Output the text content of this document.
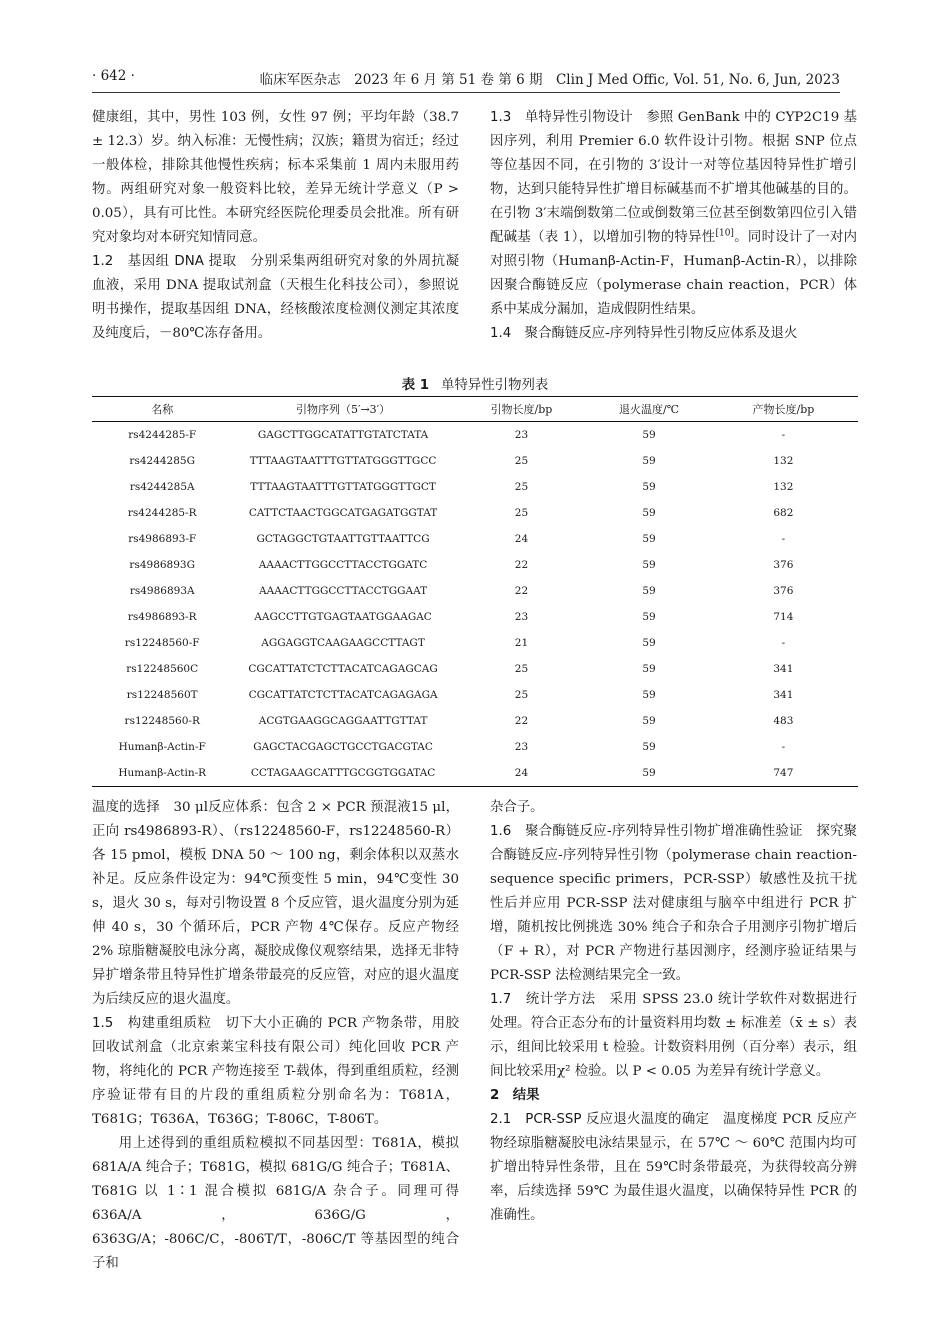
· 642 ·	临床军医杂志　2023 年 6 月 第 51 卷 第 6 期　Clin J Med Offic, Vol. 51, No. 6, Jun, 2023

健康组，其中，男性 103 例，女性 97 例；平均年龄（38.7 ± 12.3）岁。纳入标准：无慢性病；汉族；籍贯为宿迁；经过一般体检，排除其他慢性疾病；标本采集前 1 周内未服用药物。两组研究对象一般资料比较，差异无统计学意义（P > 0.05），具有可比性。本研究经医院伦理委员会批准。所有研究对象均对本研究知情同意。

1.2　基因组 DNA 提取　分别采集两组研究对象的外周抗凝血液，采用 DNA 提取试剂盒（天根生化科技公司），参照说明书操作，提取基因组 DNA，经核酸浓度检测仪测定其浓度及纯度后，－80℃冻存备用。

1.3　单特异性引物设计　参照 GenBank 中的 CYP2C19 基因序列，利用 Premier 6.0 软件设计引物。根据 SNP 位点等位基因不同，在引物的 3′设计一对等位基因特异性扩增引物，达到只能特异性扩增目标碱基而不扩增其他碱基的目的。在引物 3′末端倒数第二位或倒数第三位甚至倒数第四位引入错配碱基（表 1），以增加引物的特异性[10]。同时设计了一对内对照引物（Humanβ-Actin-F，Humanβ-Actin-R），以排除因聚合酶链反应（polymerase chain reaction，PCR）体系中某成分漏加，造成假阴性结果。

1.4　聚合酶链反应-序列特异性引物反应体系及退火

表 1 单特异性引物列表
名称	引物序列（5′→3′）	引物长度/bp	退火温度/℃	产物长度/bp
rs4244285-F	GAGCTTGGCATATTGTATCTATA	23	59	-
rs4244285G	TTTAAGTAATTTGTTATGGGTTGCC	25	59	132
rs4244285A	TTTAAGTAATTTGTTATGGGTTGCT	25	59	132
rs4244285-R	CATTCTAACTGGCATGAGATGGTAT	25	59	682
rs4986893-F	GCTAGGCTGTAATTGTTAATTCG	24	59	-
rs4986893G	AAAACTTGGCCTTACCTGGATC	22	59	376
rs4986893A	AAAACTTGGCCTTACCTGGAAT	22	59	376
rs4986893-R	AAGCCTTGTGAGTAATGGAAGAC	23	59	714
rs12248560-F	AGGAGGTCAAGAAGCCTTAGT	21	59	-
rs12248560C	CGCATTATCTCTTACATCAGAGCAG	25	59	341
rs12248560T	CGCATTATCTCTTACATCAGAGAGA	25	59	341
rs12248560-R	ACGTGAAGGCAGGAATTGTTAT	22	59	483
Humanβ-Actin-F	GAGCTACGAGCTGCCTGACGTAC	23	59	-
Humanβ-Actin-R	CCTAGAAGCATTTGCGGTGGATAC	24	59	747

温度的选择　30 μl反应体系：包含 2 × PCR 预混液15 μl，正向 rs4986893-R）、（rs12248560-F，rs12248560-R）各 15 pmol，模板 DNA 50 ～ 100 ng，剩余体积以双蒸水补足。反应条件设定为：94℃预变性 5 min，94℃变性 30 s，退火 30 s，每对引物设置 8 个反应管，退火温度分别为延伸 40 s，30 个循环后，PCR 产物 4℃保存。反应产物经 2% 琼脂糖凝胶电泳分离，凝胶成像仪观察结果，选择无非特异扩增条带且特异性扩增条带最亮的反应管，对应的退火温度为后续反应的退火温度。

1.5　构建重组质粒　切下大小正确的 PCR 产物条带，用胶回收试剂盒（北京索莱宝科技有限公司）纯化回收 PCR 产物，将纯化的 PCR 产物连接至 T-载体，得到重组质粒，经测序验证带有目的片段的重组质粒分别命名为：T681A，T681G；T636A，T636G；T-806C，T-806T。

用上述得到的重组质粒模拟不同基因型：T681A，模拟 681A/A 纯合子；T681G，模拟 681G/G 纯合子；T681A、T681G 以 1∶1 混合模拟 681G/A 杂合子。同理可得 636A/A，636G/G，6363G/A；-806C/C，-806T/T，-806C/T 等基因型的纯合子和

杂合子。

1.6　聚合酶链反应-序列特异性引物扩增准确性验证　探究聚合酶链反应-序列特异性引物（polymerase chain reaction-sequence specific primers，PCR-SSP）敏感性及抗干扰性后并应用 PCR-SSP 法对健康组与脑卒中组进行 PCR 扩增，随机按比例挑选 30% 纯合子和杂合子用测序引物扩增后（F + R），对 PCR 产物进行基因测序，经测序验证结果与 PCR-SSP 法检测结果完全一致。

1.7　统计学方法　采用 SPSS 23.0 统计学软件对数据进行处理。符合正态分布的计量资料用均数 ± 标准差（x̄ ± s）表示，组间比较采用 t 检验。计数资料用例（百分率）表示，组间比较采用χ² 检验。以 P < 0.05 为差异有统计学意义。

2　结果

2.1　PCR-SSP 反应退火温度的确定　温度梯度 PCR 反应产物经琼脂糖凝胶电泳结果显示，在 57℃ ～ 60℃ 范围内均可扩增出特异性条带，且在 59℃时条带最亮，为获得较高分辨率，后续选择 59℃ 为最佳退火温度，以确保特异性 PCR 的准确性。
